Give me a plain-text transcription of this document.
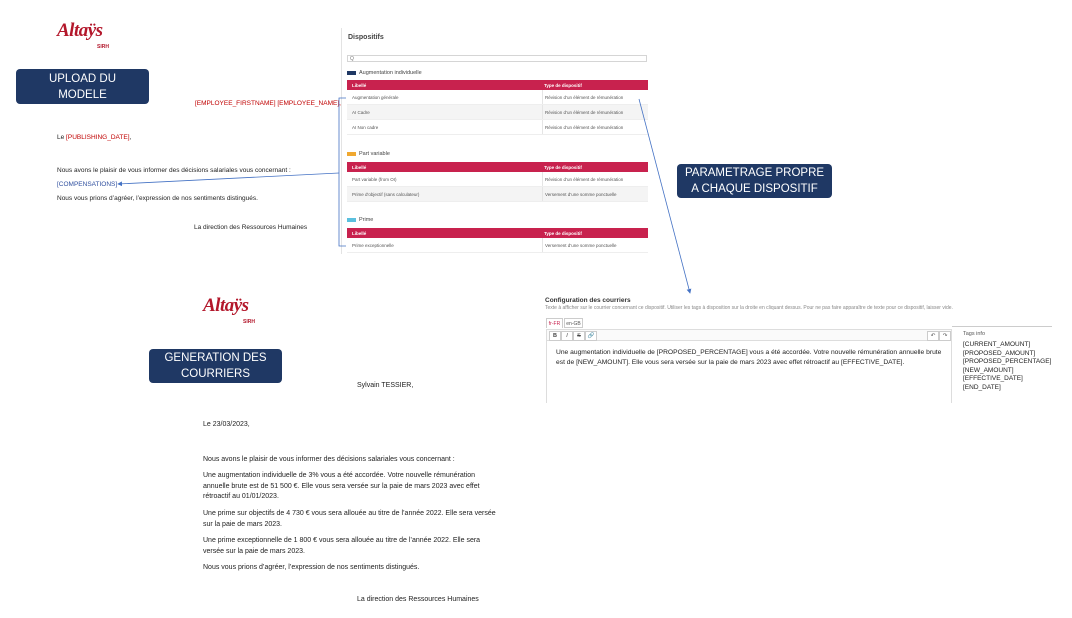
Altaÿs
SIRH
Altaÿs
SIRH
UPLOAD DU
MODELE
PARAMETRAGE PROPRE
A CHAQUE DISPOSITIF
GENERATION DES
COURRIERS
[EMPLOYEE_FIRSTNAME] [EMPLOYEE_NAME],
Le [PUBLISHING_DATE],
Nous avons le plaisir de vous informer des décisions salariales vous concernant :
[COMPENSATIONS]
Nous vous prions d’agréer, l’expression de nos sentiments distingués.
La direction des Ressources Humaines
Dispositifs
Q
Augmentation individuelle
Libellé	Type de dispositif
Augmentation générale	Révision d’un élément de rémunération
AI Cadre	Révision d’un élément de rémunération
AI Non cadre	Révision d’un élément de rémunération
Part variable
Libellé	Type de dispositif
Part variable (from OI)	Révision d’un élément de rémunération
Prime d'objectif (sans calculateur)	Versement d’une somme ponctuelle
Prime
Libellé	Type de dispositif
Prime exceptionnelle	Versement d’une somme ponctuelle
Configuration des courriers
Texte à afficher sur le courrier concernant ce dispositif. Utiliser les tags à disposition sur la droite en cliquant dessus. Pour ne pas faire apparaître de texte pour ce dispositif, laisser vide.
fr-FR	en-GB
B	I	S	🔗	↶	↷
Une augmentation individuelle de [PROPOSED_PERCENTAGE] vous a été accordée. Votre nouvelle rémunération annuelle brute est de [NEW_AMOUNT]. Elle vous sera versée sur la paie de mars 2023 avec effet rétroactif au [EFFECTIVE_DATE].
Tags info
[CURRENT_AMOUNT]
[PROPOSED_AMOUNT]
[PROPOSED_PERCENTAGE]
[NEW_AMOUNT]
[EFFECTIVE_DATE]
[END_DATE]
Sylvain TESSIER,
Le 23/03/2023,
Nous avons le plaisir de vous informer des décisions salariales vous concernant :
Une augmentation individuelle de 3% vous a été accordée. Votre nouvelle rémunération annuelle brute est de 51 500 €. Elle vous sera versée sur la paie de mars 2023 avec effet rétroactif au 01/01/2023.
Une prime sur objectifs de 4 730 € vous sera allouée au titre de l’année 2022. Elle sera versée sur la paie de mars 2023.
Une prime exceptionnelle de 1 800 € vous sera allouée au titre de l’année 2022. Elle sera versée sur la paie de mars 2023.
Nous vous prions d’agréer, l’expression de nos sentiments distingués.
La direction des Ressources Humaines
